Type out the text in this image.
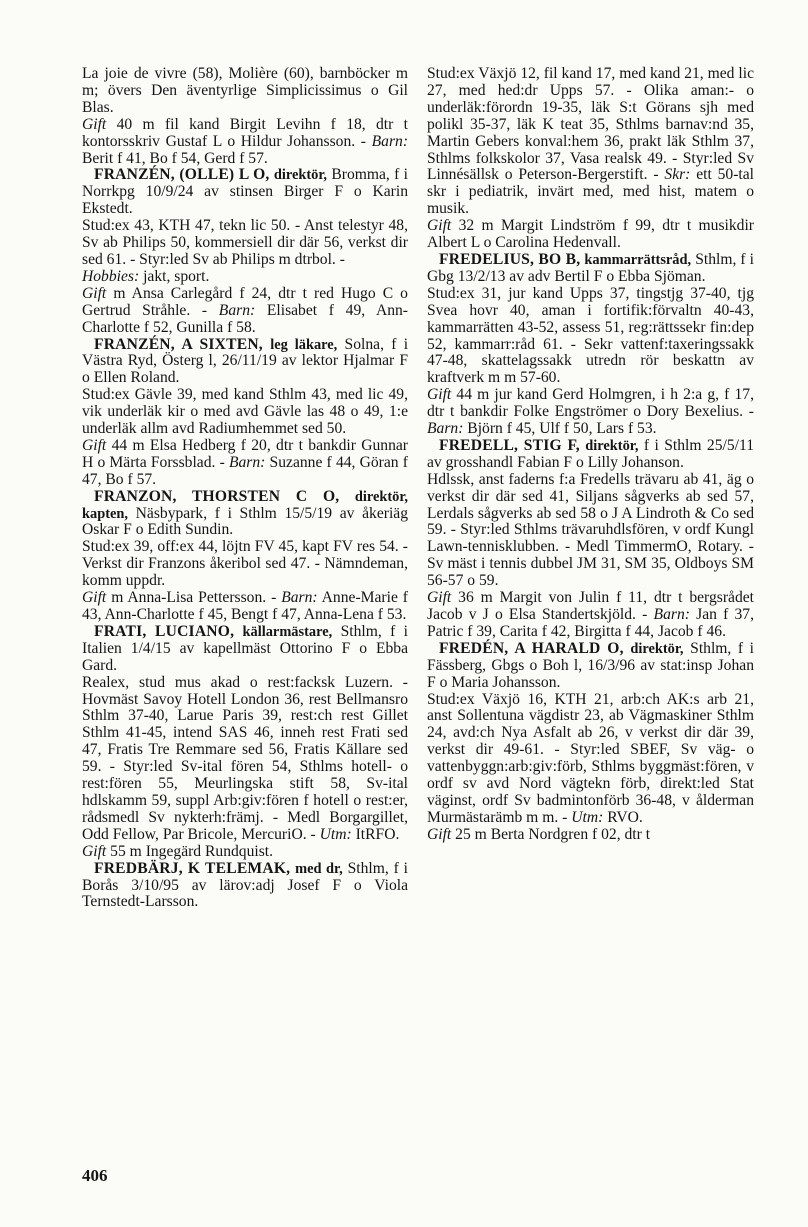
La joie de vivre (58), Molière (60), barnböcker m m; övers Den äventyrlige Simplicissimus o Gil Blas.

Gift 40 m fil kand Birgit Levihn f 18, dtr t kontorsskriv Gustaf L o Hildur Johansson. - Barn: Berit f 41, Bo f 54, Gerd f 57.

FRANZÉN, (OLLE) L O, direktör, Bromma, f i Norrkpg 10/9/24 av stinsen Birger F o Karin Ekstedt.

Stud:ex 43, KTH 47, tekn lic 50. - Anst telestyr 48, Sv ab Philips 50, kommersiell dir där 56, verkst dir sed 61. - Styr:led Sv ab Philips m dtrbol. -

Hobbies: jakt, sport.

Gift m Ansa Carlegård f 24, dtr t red Hugo C o Gertrud Stråhle. - Barn: Elisabet f 49, Ann-Charlotte f 52, Gunilla f 58.

FRANZÉN, A SIXTEN, leg läkare, Solna, f i Västra Ryd, Österg l, 26/11/19 av lektor Hjalmar F o Ellen Roland.

Stud:ex Gävle 39, med kand Sthlm 43, med lic 49, vik underläk kir o med avd Gävle las 48 o 49, 1:e underläk allm avd Radiumhemmet sed 50.

Gift 44 m Elsa Hedberg f 20, dtr t bankdir Gunnar H o Märta Forssblad. - Barn: Suzanne f 44, Göran f 47, Bo f 57.

FRANZON, THORSTEN C O, direktör, kapten, Näsbypark, f i Sthlm 15/5/19 av åkeriäg Oskar F o Edith Sundin.

Stud:ex 39, off:ex 44, löjtn FV 45, kapt FV res 54. - Verkst dir Franzons åkeribol sed 47. - Nämndeman, komm uppdr.

Gift m Anna-Lisa Pettersson. - Barn: Anne-Marie f 43, Ann-Charlotte f 45, Bengt f 47, Anna-Lena f 53.

FRATI, LUCIANO, källarmästare, Sthlm, f i Italien 1/4/15 av kapellmäst Ottorino F o Ebba Gard.

Realex, stud mus akad o rest:facksk Luzern. - Hovmäst Savoy Hotell London 36, rest Bellmansro Sthlm 37-40, Larue Paris 39, rest:ch rest Gillet Sthlm 41-45, intend SAS 46, inneh rest Frati sed 47, Fratis Tre Remmare sed 56, Fratis Källare sed 59. - Styr:led Sv-ital fören 54, Sthlms hotell- o rest:fören 55, Meurlingska stift 58, Sv-ital hdlskamm 59, suppl Arb:giv:fören f hotell o rest:er, rådsmedl Sv nykterh:främj. - Medl Borgargillet, Odd Fellow, Par Bricole, MercuriO. - Utm: ItRFO.

Gift 55 m Ingegärd Rundquist.

FREDBÄRJ, K TELEMAK, med dr, Sthlm, f i Borås 3/10/95 av lärov:adj Josef F o Viola Ternstedt-Larsson.

Stud:ex Växjö 12, fil kand 17, med kand 21, med lic 27, med hed:dr Upps 57. - Olika aman:- o underläk:förordn 19-35, läk S:t Görans sjh med polikl 35-37, läk K teat 35, Sthlms barnav:nd 35, Martin Gebers konval:hem 36, prakt läk Sthlm 37, Sthlms folkskolor 37, Vasa realsk 49. - Styr:led Sv Linnésällsk o Peterson-Bergerstift. - Skr: ett 50-tal skr i pediatrik, invärt med, med hist, matem o musik.

Gift 32 m Margit Lindström f 99, dtr t musikdir Albert L o Carolina Hedenvall.

FREDELIUS, BO B, kammarrättsråd, Sthlm, f i Gbg 13/2/13 av adv Bertil F o Ebba Sjöman.

Stud:ex 31, jur kand Upps 37, tingstjg 37-40, tjg Svea hovr 40, aman i fortifik:förvaltn 40-43, kammarrätten 43-52, assess 51, reg:rättssekr fin:dep 52, kammarr:råd 61. - Sekr vattenf:taxeringssakk 47-48, skattelagssakk utredn rör beskattn av kraftverk m m 57-60.

Gift 44 m jur kand Gerd Holmgren, i h 2:a g, f 17, dtr t bankdir Folke Engströmer o Dory Bexelius. - Barn: Björn f 45, Ulf f 50, Lars f 53.

FREDELL, STIG F, direktör, f i Sthlm 25/5/11 av grosshandl Fabian F o Lilly Johanson.

Hdlssk, anst faderns f:a Fredells trävaru ab 41, äg o verkst dir där sed 41, Siljans sågverks ab sed 57, Lerdals sågverks ab sed 58 o J A Lindroth & Co sed 59. - Styr:led Sthlms trävaruhdlsfören, v ordf Kungl Lawn-tennisklubben. - Medl TimmermO, Rotary. - Sv mäst i tennis dubbel JM 31, SM 35, Oldboys SM 56-57 o 59.

Gift 36 m Margit von Julin f 11, dtr t bergsrådet Jacob v J o Elsa Standertskjöld. - Barn: Jan f 37, Patric f 39, Carita f 42, Birgitta f 44, Jacob f 46.

FREDÉN, A HARALD O, direktör, Sthlm, f i Fässberg, Gbgs o Boh l, 16/3/96 av stat:insp Johan F o Maria Johansson.

Stud:ex Växjö 16, KTH 21, arb:ch AK:s arb 21, anst Sollentuna vägdistr 23, ab Vägmaskiner Sthlm 24, avd:ch Nya Asfalt ab 26, v verkst dir där 39, verkst dir 49-61. - Styr:led SBEF, Sv väg- o vattenbyggn:arb:giv:förb, Sthlms byggmäst:fören, v ordf sv avd Nord vägtekn förb, direkt:led Stat väginst, ordf Sv badmintonförb 36-48, v ålderman Murmästarämb m m. - Utm: RVO.

Gift 25 m Berta Nordgren f 02, dtr t

406
